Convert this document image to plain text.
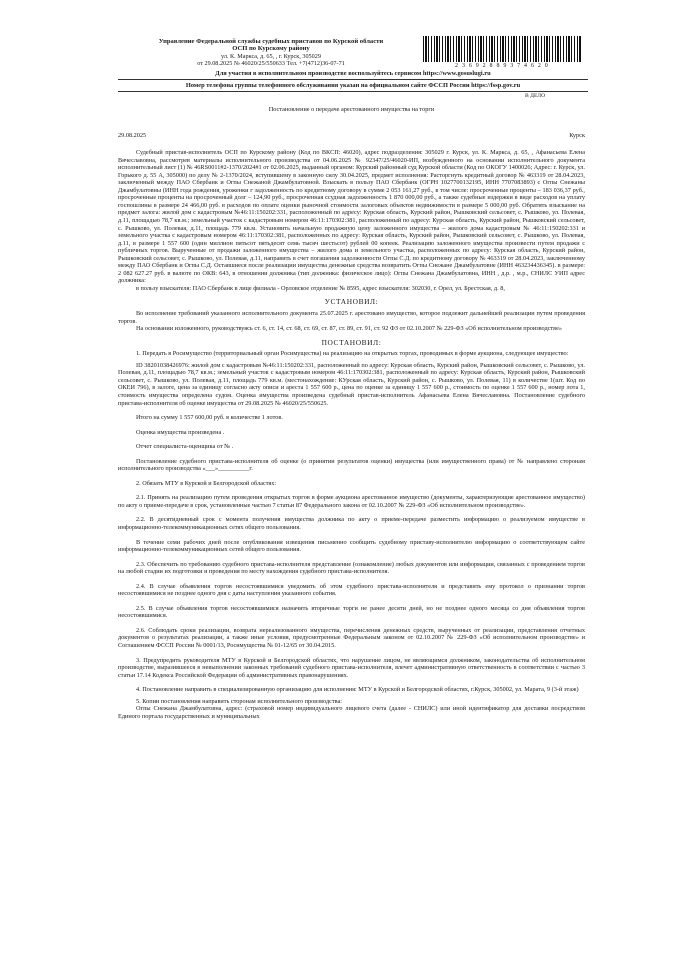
Управление Федеральной службы судебных приставов по Курской области
ОСП по Курскому району
ул. К. Маркса, д. 65, , г. Курск, 305029
от 29.08.2025 № 46020/25/550633 Тел. +7(4712)36-07-71	2 3 6 9 2 8 8 9 3 7 4 6 2 0
Для участия в исполнительном производстве воспользуйтесь сервисом https://www.gosuslugi.ru
Номер телефона группы телефонного обслуживания указан на официальном сайте ФССП России https://fssp.gov.ru
В ДЕЛО

Постановление о передаче арестованного имущества на торги

29.08.2025	Курск

Судебный пристав-исполнитель ОСП по Курскому району (Код по ВКСП: 46020), адрес подразделения: 305029 г. Курск, ул. К. Маркса, д. 65, , Афанасьева Елена Вячеславовна, рассмотрев материалы исполнительного производства от 04.06.2025 № 92347/25/46020-ИП, возбужденного на основании исполнительного документа исполнительный лист (1) № 46RS0011#2-1370/2024#1 от 02.06.2025, выданный органом: Курский районный суд Курской области (Код по ОКОГУ 1400026; Адрес: г. Курск, ул. Горького д. 55 А, 305000) по делу № 2-1370/2024, вступившему в законную силу 30.04.2025, предмет исполнения: Расторгнуть кредитный договор № 463319 от 28.04.2023, заключенный между ПАО Сбербанк и Огпы Снежаной Джамбулатовной. Взыскать в пользу ПАО Сбербанк (ОГРН 1027700132195, ИНН 7707083893) с Огпы Снежаны Джамбулатовны (ИНН года рождения, уроженки г задолженность по кредитному договору в сумме 2 053 161,27 руб., в том числе: просроченные проценты – 183 036,37 руб., просроченные проценты на просроченный долг – 124,90 руб., просроченная ссудная задолженность 1 870 000,00 руб., а также судебные издержки в виде расходов на уплату госпошлины в размере 24 466,00 руб. в расходов по оплате оценки рыночной стоимости залоговых объектов недвижимости в размере 5 000,00 руб. Обратить взыскание на предмет залога: жилой дом с кадастровым №46:11:150202:331, расположенный по адресу: Курская область, Курский район, Рышковский сельсовет, с. Рышково, ул. Полевая, д.11, площадью 78,7 кв.м.; земельный участок с кадастровым номером 46:11:170302:381, расположенный по адресу: Курская область, Курский район, Рышковский сельсовет, с. Рышково, ул. Полевая, д.11, площадь 779 кв.м. Установить начальную продажную цену заложенного имущества – жилого дома кадастровым № 46:11:150202:331 и земельного участка с кадастровым номером 46:11:170302:381, расположенных по адресу: Курская область, Курский район, Рышковский сельсовет, с. Рышково, ул. Полевая, д.11, в размере 1 557 600 (один миллион пятьсот пятьдесят семь тысяч шестьсот) рублей 00 копеек. Реализацию заложенного имущества произвести путем продажи с публичных торгов. Вырученные от продажи заложенного имущества – жилого дома и земельного участка, расположенных по адресу: Курская область, Курский район, Рышковский сельсовет, с. Рышково, ул. Полевая, д.11, направить в счет погашения задолженности Огпы С.Д. по кредитному договору № 463319 от 28.04.2023, заключенному между ПАО Сбербанк и Огпы С.Д. Оставшиеся после реализации имущества денежные средства возвратить Огпы Снежане Джамбулатовне (ИНН 463234436345). в размере: 2 082 627.27 руб. в валюте по ОКВ: 643, в отношении должника (тип должника: физическое лицо): Огпы Снежана Джамбулатовна, ИНН , д.р. , м.р., СНИЛС УИП адрес должника:

в пользу взыскателя: ПАО Сбербанк в лице филиала - Орловское отделение № 8595, адрес взыскателя: 302030, г. Орел, ул. Брестская, д. 8,

УСТАНОВИЛ:

Во исполнение требований указанного исполнительного документа 25.07.2025 г. арестовано имущество, которое подлежит дальнейшей реализации путем проведения торгов.

На основании изложенного, руководствуясь ст. 6, ст. 14, ст. 68, ст. 69, ст. 87, ст. 89, ст. 91, ст. 92 ФЗ от 02.10.2007 № 229-ФЗ «Об исполнительном производстве»

ПОСТАНОВИЛ:

1. Передать в Росимущество (территориальный орган Росимущества) на реализацию на открытых торгах, проводимых в форме аукциона, следующее имущество:

ID 38201038426976: жилой дом с кадастровым №46:11:150202:331, расположенный по адресу: Курская область, Курский район, Рышковский сельсовет, с. Рышково, ул. Полевая, д.11, площадью 78,7 кв.м.; земельный участок с кадастровым номером 46:11:170302:381, расположенный по адресу: Курская область, Курский район, Рышковский сельсовет, с. Рышково, ул. Полевая, д.11, площадь 779 кв.м. (местонахождение: КУрская область, Курский район, с. Рышково, ул. Полевая, 11) в количестве 1(шт. Код по ОКЕИ 796), в залоге, цена за единицу согласно акту описи и ареста 1 557 600 р., цена по оценке за единицу 1 557 600 р., стоимость по оценке 1 557 600 р., номер лота 1, стоимость имущества определена судом. Оценка имущества произведена судебный пристав-исполнитель Афанасьева Елена Вячеславовна. Постановление судебного пристава-исполнителя об оценке имущества от 29.08.2025 № 46020/25/550625.

Итого на сумму 1 557 600,00 руб. в количестве 1 лотов.

Оценка имущества произведена .

Отчет специалиста-оценщика от № .

Постановление судебного пристава-исполнителя об оценке (о принятии результатов оценки) имущества (или имущественного права) от № направлено сторонам исполнительного производства «___»__________г.

2. Обязать МТУ в Курской и Белгородской областях:

2.1. Принять на реализацию путем проведения открытых торгов в форме аукциона арестованное имущество (документы, характеризующие арестованное имущество) по акту о приеме-передаче в срок, установленные частью 7 статьи 87 Федерального закона от 02.10.2007 № 229-ФЗ «Об исполнительном производстве».

2.2. В десятидневный срок с момента получения имущества должника по акту о приеме-передаче разместить информацию о реализуемом имуществе в информационно-телекоммуникационных сетях общего пользования.

В течение семи рабочих дней после опубликования извещения письменно сообщить судебному приставу-исполнителю информацию о соответствующем сайте информационно-телекоммуникационных сетей общего пользования.

2.3. Обеспечить по требованию судебного пристава-исполнителя представление (ознакомление) любых документов или информации, связанных с проведением торгов на любой стадии их подготовки и проведения по месту нахождения судебного пристава-исполнителя.

2.4. В случае объявления торгов несостоявшимися уведомить об этом судебного пристава-исполнителя и представить ему протокол о признании торгов несостоявшимися не позднее одного дня с даты наступления указанного события.

2.5. В случае объявления торгов несостоявшимися назначить вторичные торги не ранее десяти дней, но не позднее одного месяца со дня объявления торгов несостоявшимися.

2.6. Соблюдать сроки реализации, возврата нереализованного имущества, перечисления денежных средств, вырученных от реализации, представления отчетных документов о результатах реализации, а также иные условия, предусмотренные Федеральным законом от 02.10.2007 № 229-ФЗ «Об исполнительном производстве» и Соглашением ФССП России № 0001/13, Росимущества № 01-12/65 от 30.04.2015.

3. Предупредить руководителя МТУ в Курской и Белгородской областях, что нарушение лицом, не являющимся должником, законодательства об исполнительном производстве, выразившееся в невыполнении законных требований судебного пристава-исполнителя, влечет административную ответственность в соответствии с частью 3 статьи 17.14 Кодекса Российской Федерации об административных правонарушениях.

4. Постановление направить в специализированную организацию для исполнения: МТУ в Курской и Белгородской областях, г.Курск, 305002, ул. Марата, 9 (3-й этаж)

5. Копии постановления направить сторонам исполнительного производства:

Огпы Снежана Джамбулатовна, адрес: (страховой номер индивидуального лицевого счета (далее - СНИЛС) или иной идентификатор для доставки посредством Единого портала государственных и муниципальных
